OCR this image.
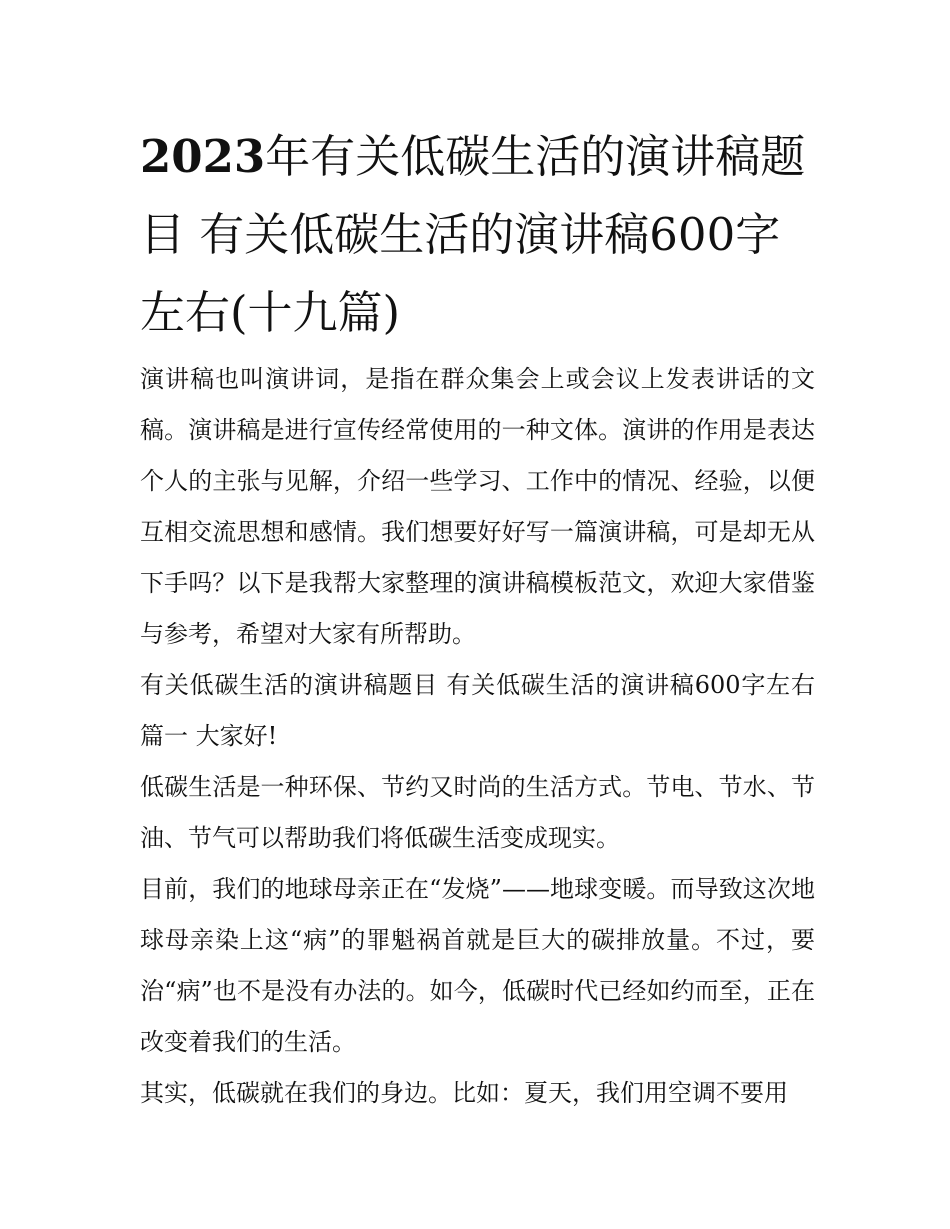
2023年有关低碳生活的演讲稿题目 有关低碳生活的演讲稿600字左右(十九篇)

演讲稿也叫演讲词，是指在群众集会上或会议上发表讲话的文稿。演讲稿是进行宣传经常使用的一种文体。演讲的作用是表达个人的主张与见解，介绍一些学习、工作中的情况、经验，以便互相交流思想和感情。我们想要好好写一篇演讲稿，可是却无从下手吗？以下是我帮大家整理的演讲稿模板范文，欢迎大家借鉴与参考，希望对大家有所帮助。

有关低碳生活的演讲稿题目 有关低碳生活的演讲稿600字左右篇一 大家好!

低碳生活是一种环保、节约又时尚的生活方式。节电、节水、节油、节气可以帮助我们将低碳生活变成现实。

目前，我们的地球母亲正在“发烧”——地球变暖。而导致这次地球母亲染上这“病”的罪魁祸首就是巨大的碳排放量。不过，要治“病”也不是没有办法的。如今，低碳时代已经如约而至，正在改变着我们的生活。

其实，低碳就在我们的身边。比如：夏天，我们用空调不要用
